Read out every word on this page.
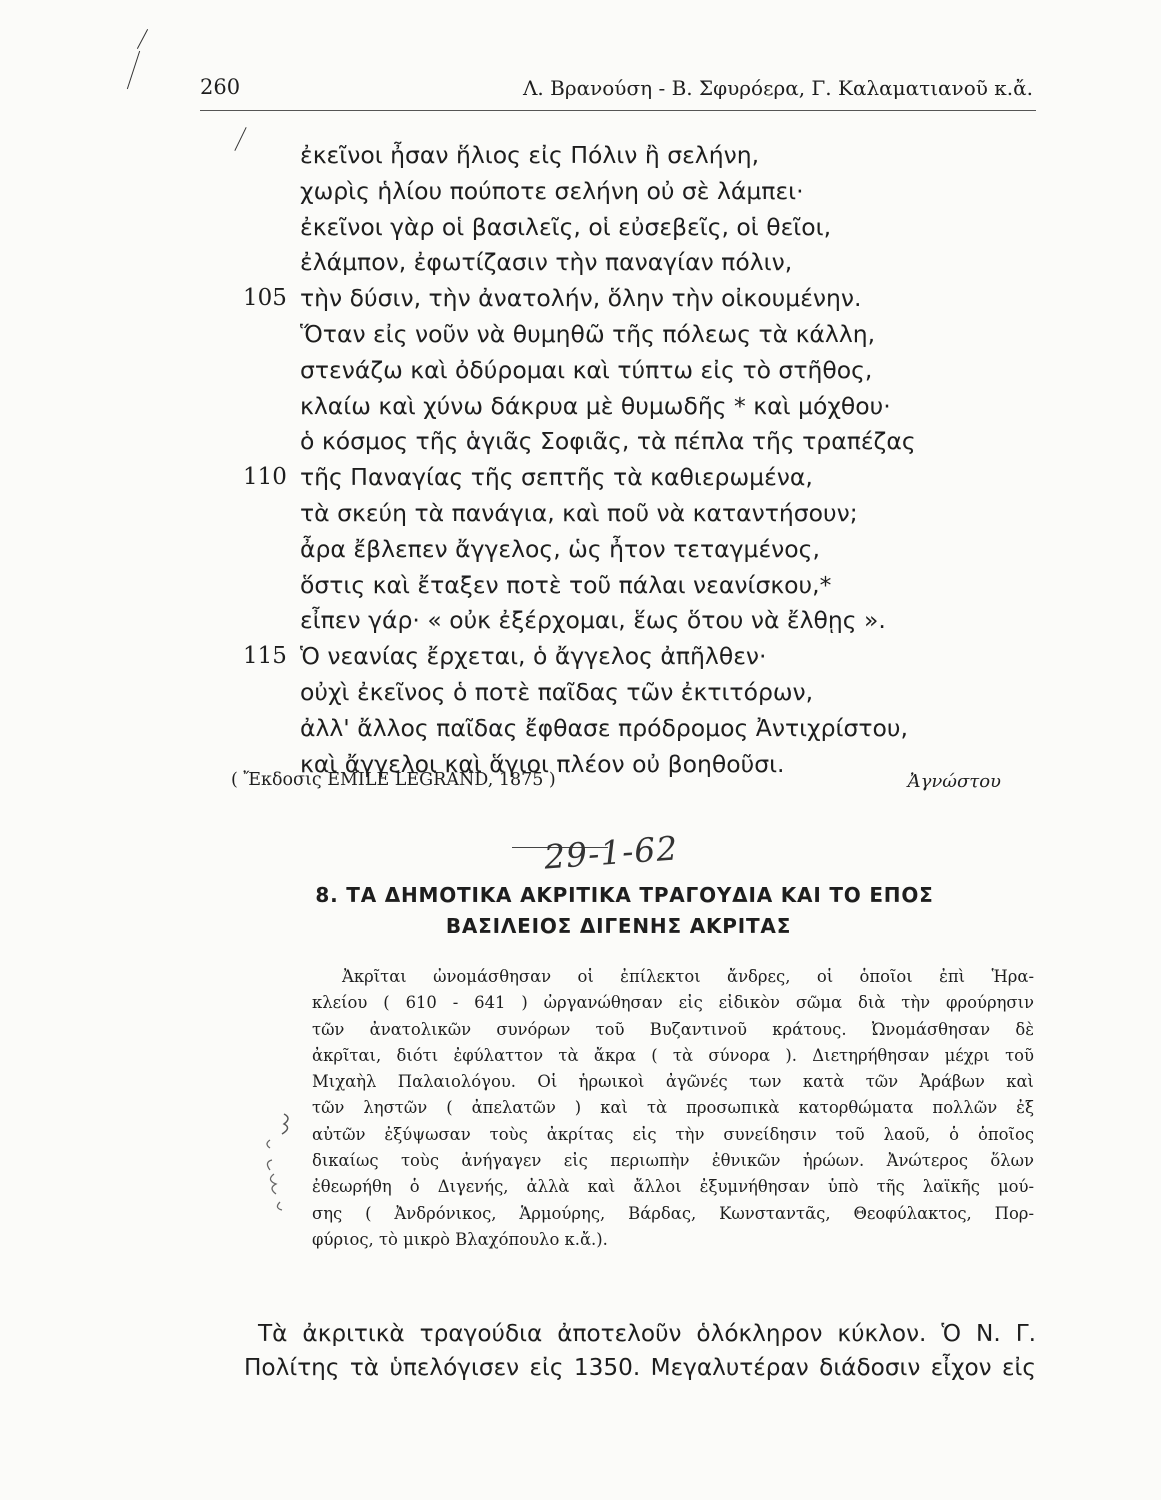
260	Λ. Βρανούση - Β. Σφυρόερα, Γ. Καλαματιανοῦ κ.ἄ.
ἐκεῖνοι ἦσαν ἥλιος εἰς Πόλιν ἢ σελήνη,
χωρὶς ἡλίου πούποτε σελήνη οὐ σὲ λάμπει·
ἐκεῖνοι γὰρ οἱ βασιλεῖς, οἱ εὐσεβεῖς, οἱ θεῖοι,
ἐλάμπον, ἐφωτίζασιν τὴν παναγίαν πόλιν,
105 τὴν δύσιν, τὴν ἀνατολήν, ὅλην τὴν οἰκουμένην.
Ὅταν εἰς νοῦν νὰ θυμηθῶ τῆς πόλεως τὰ κάλλη,
στενάζω καὶ ὀδύρομαι καὶ τύπτω εἰς τὸ στῆθος,
κλαίω καὶ χύνω δάκρυα μὲ θυμωδῆς * καὶ μόχθου·
ὁ κόσμος τῆς ἁγιᾶς Σοφιᾶς, τὰ πέπλα τῆς τραπέζας
110 τῆς Παναγίας τῆς σεπτῆς τὰ καθιερωμένα,
τὰ σκεύη τὰ πανάγια, καὶ ποῦ νὰ καταντήσουν;
ἆρα ἔβλεπεν ἄγγελος, ὡς ἦτον τεταγμένος,
ὅστις καὶ ἔταξεν ποτὲ τοῦ πάλαι νεανίσκου,*
εἶπεν γάρ· « οὐκ ἐξέρχομαι, ἕως ὅτου νὰ ἔλθῃς ».
115 Ὁ νεανίας ἔρχεται, ὁ ἄγγελος ἀπῆλθεν·
οὐχὶ ἐκεῖνος ὁ ποτὲ παῖδας τῶν ἐκτιτόρων,
ἀλλ' ἄλλος παῖδας ἔφθασε πρόδρομος Ἀντιχρίστου,
καὶ ἄγγελοι καὶ ἅγιοι πλέον οὐ βοηθοῦσι.
( Ἔκδοσις EMILE LEGRAND, 1875 )	Ἀγνώστου
29-1-62
8. ΤΑ ΔΗΜΟΤΙΚΑ ΑΚΡΙΤΙΚΑ ΤΡΑΓΟΥΔΙΑ ΚΑΙ ΤΟ ΕΠΟΣ
ΒΑΣΙΛΕΙΟΣ ΔΙΓΕΝΗΣ ΑΚΡΙΤΑΣ
Ἀκρῖται ὠνομάσθησαν οἱ ἐπίλεκτοι ἄνδρες, οἱ ὁποῖοι ἐπὶ Ἡρα-
κλείου ( 610 - 641 ) ὠργανώθησαν εἰς εἰδικὸν σῶμα διὰ τὴν φρούρησιν
τῶν ἀνατολικῶν συνόρων τοῦ Βυζαντινοῦ κράτους. Ὠνομάσθησαν δὲ
ἀκρῖται, διότι ἐφύλαττον τὰ ἄκρα ( τὰ σύνορα ). Διετηρήθησαν μέχρι τοῦ
Μιχαὴλ Παλαιολόγου. Οἱ ἡρωικοὶ ἀγῶνές των κατὰ τῶν Ἀράβων καὶ
τῶν ληστῶν ( ἀπελατῶν ) καὶ τὰ προσωπικὰ κατορθώματα πολλῶν ἐξ
αὐτῶν ἐξύψωσαν τοὺς ἀκρίτας εἰς τὴν συνείδησιν τοῦ λαοῦ, ὁ ὁποῖος
δικαίως τοὺς ἀνήγαγεν εἰς περιωπὴν ἐθνικῶν ἡρώων. Ἀνώτερος ὅλων
ἐθεωρήθη ὁ Διγενής, ἀλλὰ καὶ ἄλλοι ἐξυμνήθησαν ὑπὸ τῆς λαϊκῆς μού-
σης ( Ἀνδρόνικος, Ἁρμούρης, Βάρδας, Κωνσταντᾶς, Θεοφύλακτος, Πορ-
φύριος, τὸ μικρὸ Βλαχόπουλο κ.ἄ.).
Τὰ ἀκριτικὰ τραγούδια ἀποτελοῦν ὁλόκληρον κύκλον. Ὁ Ν. Γ.
Πολίτης τὰ ὑπελόγισεν εἰς 1350. Μεγαλυτέραν διάδοσιν εἶχον εἰς
